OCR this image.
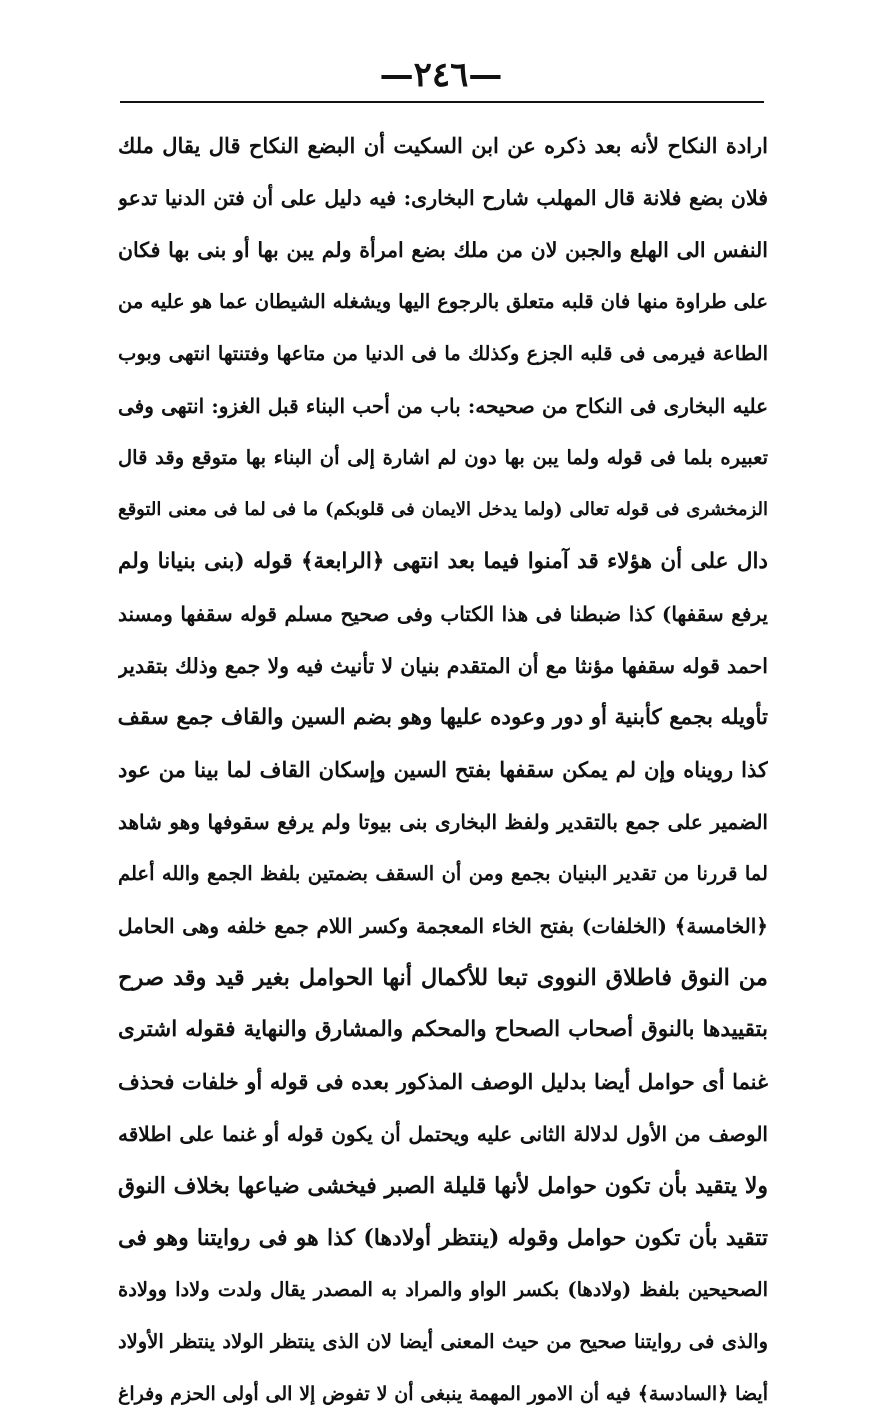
—٢٤٦—
ارادة النكاح لأنه بعد ذكره عن ابن السكيت أن البضع النكاح قال يقال ملك
فلان بضع فلانة قال المهلب شارح البخارى: فيه دليل على أن فتن الدنيا تدعو
النفس الى الهلع والجبن لان من ملك بضع امرأة ولم يبن بها أو بنى بها فكان
على طراوة منها فان قلبه متعلق بالرجوع اليها ويشغله الشيطان عما هو عليه من
الطاعة فيرمى فى قلبه الجزع وكذلك ما فى الدنيا من متاعها وفتنتها انتهى وبوب
عليه البخارى فى النكاح من صحيحه: باب من أحب البناء قبل الغزو: انتهى وفى
تعبيره بلما فى قوله ولما يبن بها دون لم اشارة إلى أن البناء بها متوقع وقد قال
الزمخشرى فى قوله تعالى (ولما يدخل الايمان فى قلوبكم) ما فى لما فى معنى التوقع
دال على أن هؤلاء قد آمنوا فيما بعد انتهى ﴿الرابعة﴾ قوله (بنى بنيانا ولم
يرفع سقفها) كذا ضبطنا فى هذا الكتاب وفى صحيح مسلم قوله سقفها ومسند
احمد قوله سقفها مؤنثا مع أن المتقدم بنيان لا تأنيث فيه ولا جمع وذلك بتقدير
تأويله بجمع كأبنية أو دور وعوده عليها وهو بضم السين والقاف جمع سقف
كذا رويناه وإن لم يمكن سقفها بفتح السين وإسكان القاف لما بينا من عود
الضمير على جمع بالتقدير ولفظ البخارى بنى بيوتا ولم يرفع سقوفها وهو شاهد
لما قررنا من تقدير البنيان بجمع ومن أن السقف بضمتين بلفظ الجمع والله أعلم
﴿الخامسة﴾ (الخلفات) بفتح الخاء المعجمة وكسر اللام جمع خلفه وهى الحامل
من النوق فاطلاق النووى تبعا للأكمال أنها الحوامل بغير قيد وقد صرح
بتقييدها بالنوق أصحاب الصحاح والمحكم والمشارق والنهاية فقوله اشترى
غنما أى حوامل أيضا بدليل الوصف المذكور بعده فى قوله أو خلفات فحذف
الوصف من الأول لدلالة الثانى عليه ويحتمل أن يكون قوله أو غنما على اطلاقه
ولا يتقيد بأن تكون حوامل لأنها قليلة الصبر فيخشى ضياعها بخلاف النوق
تتقيد بأن تكون حوامل وقوله (ينتظر أولادها) كذا هو فى روايتنا وهو فى
الصحيحين بلفظ (ولادها) بكسر الواو والمراد به المصدر يقال ولدت ولادا وولادة
والذى فى روايتنا صحيح من حيث المعنى أيضا لان الذى ينتظر الولاد ينتظر الأولاد
أيضا ﴿السادسة﴾ فيه أن الامور المهمة ينبغى أن لا تفوض إلا الى أولى الحزم وفراغ
